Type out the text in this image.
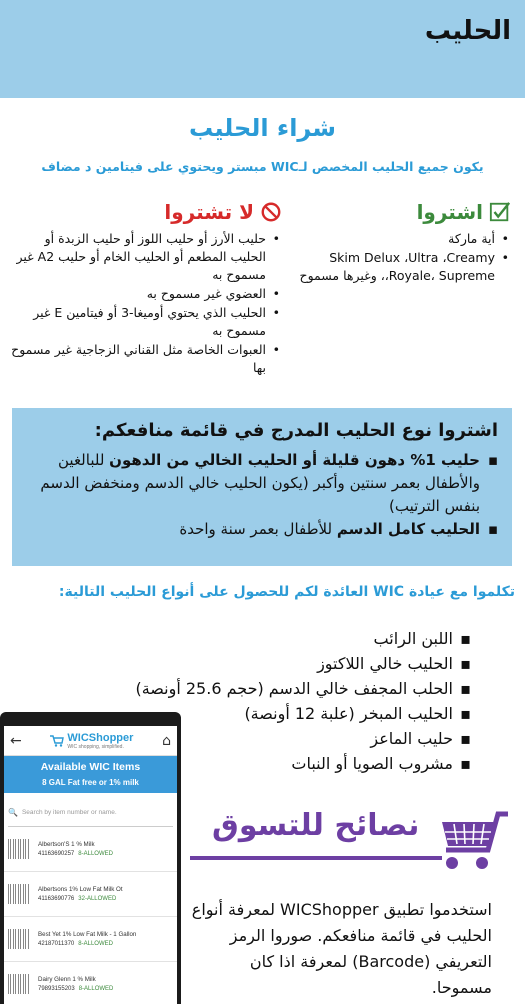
الحليب
شراء الحليب
يكون جميع الحليب المخصص لـWIC مبستر ويحتوي على فيتامين د مضاف
اشتروا
• أية ماركة
• Skim Delux ،Ultra ،Creamy ،Royale، Supreme، وغيرها مسموح
لا تشتروا
• حليب الأرز أو حليب اللوز أو حليب الزبدة أو الحليب المطعم أو الحليب الخام أو حليب A2 غير مسموح به
• العضوي غير مسموح به
• الحليب الذي يحتوي أوميغا-3 أو فيتامين E غير مسموح به
• العبوات الخاصة مثل القناني الزجاجية غير مسموح بها
اشتروا نوع الحليب المدرج في قائمة منافعكم:
▪ حليب 1% دهون قليلة أو الحليب الخالي من الدهون للبالغين والأطفال بعمر سنتين وأكبر (يكون الحليب خالي الدسم ومنخفض الدسم بنفس الترتيب)
▪ الحليب كامل الدسم للأطفال بعمر سنة واحدة
تكلموا مع عيادة WIC العائدة لكم للحصول على أنواع الحليب التالية:
▪ اللبن الرائب
▪ الحليب خالي اللاكتوز
▪ الحلب المجفف خالي الدسم (حجم 25.6 أونصة)
▪ الحليب المبخر (علبة 12 أونصة)
▪ حليب الماعز
▪ مشروب الصويا أو النبات
←	WICShopper
WIC shopping, simplified.	⌂
Available WIC Items
8 GAL Fat free or 1% milk
🔍 Search by item number or name.
Albertson'S 1 % Milk
41163690257 8-ALLOWED
Albertsons 1% Low Fat Milk Ot
41163690776 32-ALLOWED
Best Yet 1% Low Fat Milk - 1 Gallon
42187011370 8-ALLOWED
Dairy Glenn 1 % Milk
79893155203 8-ALLOWED
نصائح للتسوق
استخدموا تطبيق WICShopper لمعرفة أنواع الحليب في قائمة منافعكم. صوروا الرمز التعريفي (Barcode) لمعرفة اذا كان مسموحا.
